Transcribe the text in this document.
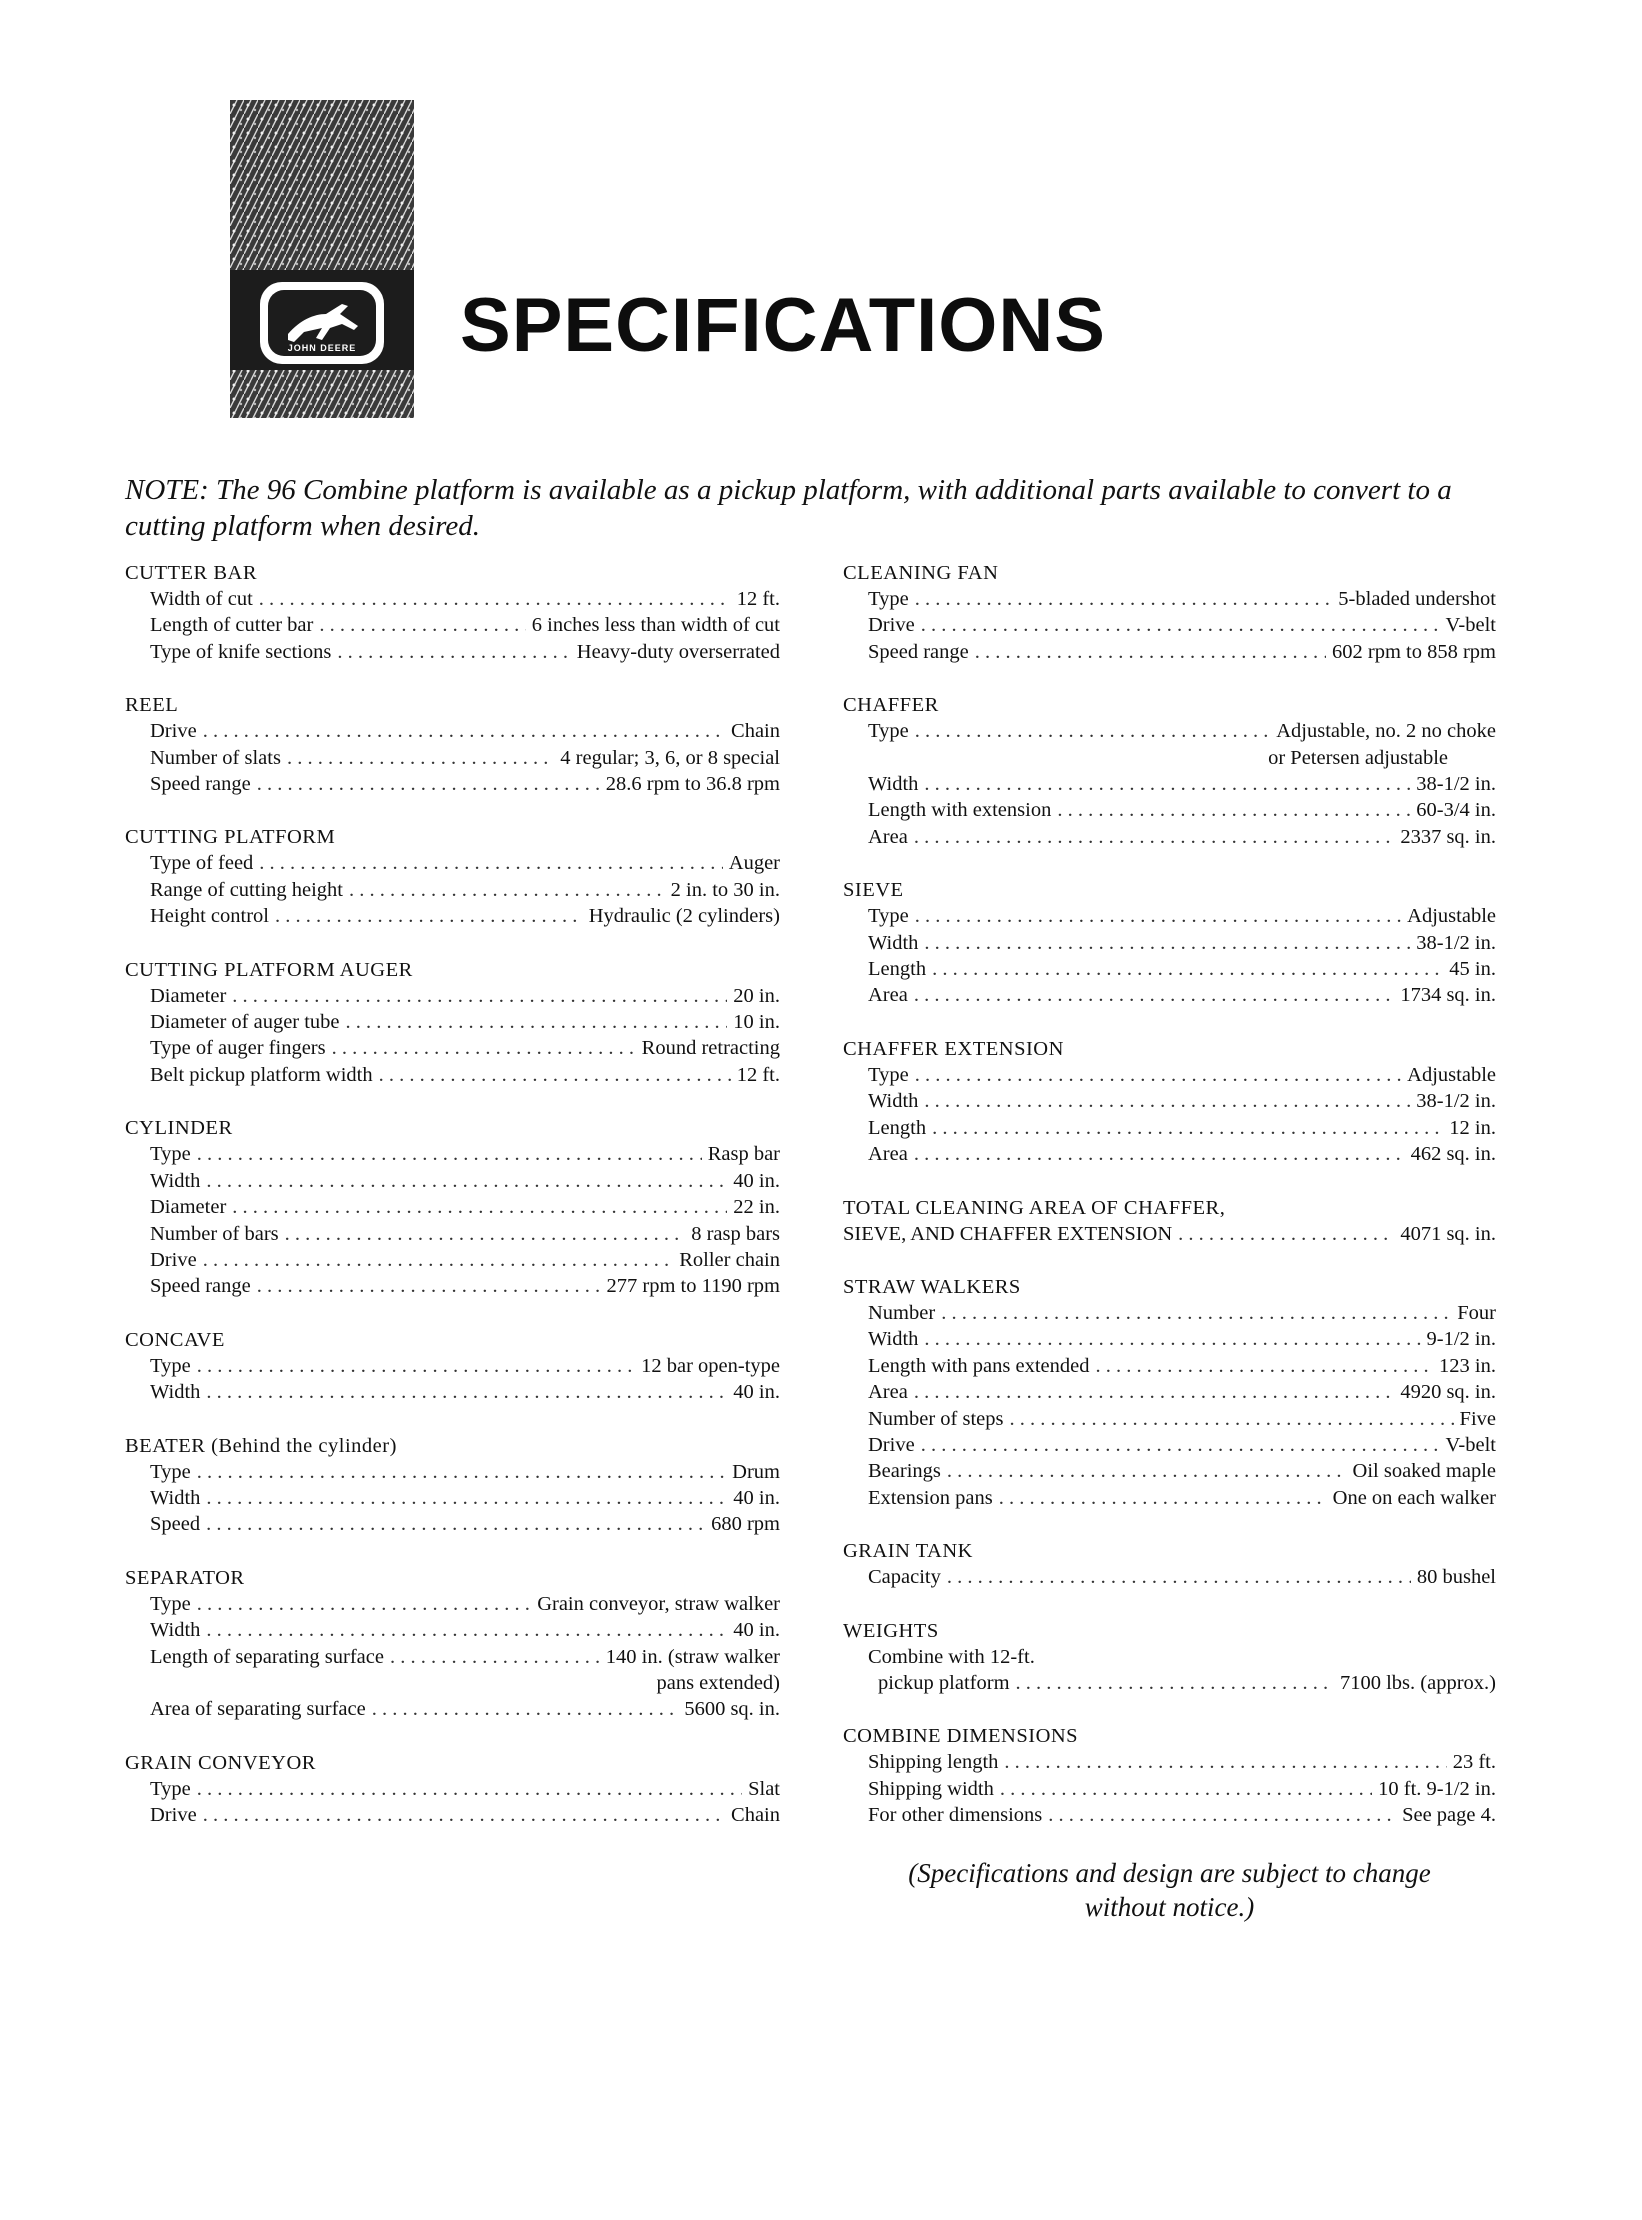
JOHN DEERE SPECIFICATIONS

NOTE: The 96 Combine platform is available as a pickup platform, with additional parts available to convert to a cutting platform when desired.

CUTTER BAR
Width of cut . . .	12 ft.
Length of cutter bar . . .	6 inches less than width of cut
Type of knife sections . . .	Heavy-duty overserrated
REEL
Drive . . .	Chain
Number of slats . . .	4 regular; 3, 6, or 8 special
Speed range . . .	28.6 rpm to 36.8 rpm
CUTTING PLATFORM
Type of feed . . .	Auger
Range of cutting height . . .	2 in. to 30 in.
Height control . . .	Hydraulic (2 cylinders)
CUTTING PLATFORM AUGER
Diameter . . .	20 in.
Diameter of auger tube . . .	10 in.
Type of auger fingers . . .	Round retracting
Belt pickup platform width . . .	12 ft.
CYLINDER
Type . . .	Rasp bar
Width . . .	40 in.
Diameter . . .	22 in.
Number of bars . . .	8 rasp bars
Drive . . .	Roller chain
Speed range . . .	277 rpm to 1190 rpm
CONCAVE
Type . . .	12 bar open-type
Width . . .	40 in.
BEATER (Behind the cylinder)
Type . . .	Drum
Width . . .	40 in.
Speed . . .	680 rpm
SEPARATOR
Type . . .	Grain conveyor, straw walker
Width . . .	40 in.
Length of separating surface . . .	140 in. (straw walker
pans extended)
Area of separating surface . . .	5600 sq. in.
GRAIN CONVEYOR
Type . . .	Slat
Drive . . .	Chain
CLEANING FAN
Type . . .	5-bladed undershot
Drive . . .	V-belt
Speed range . . .	602 rpm to 858 rpm
CHAFFER
Type . . .	Adjustable, no. 2 no choke
or Petersen adjustable
Width . . .	38-1/2 in.
Length with extension . . .	60-3/4 in.
Area . . .	2337 sq. in.
SIEVE
Type . . .	Adjustable
Width . . .	38-1/2 in.
Length . . .	45 in.
Area . . .	1734 sq. in.
CHAFFER EXTENSION
Type . . .	Adjustable
Width . . .	38-1/2 in.
Length . . .	12 in.
Area . . .	462 sq. in.
TOTAL CLEANING AREA OF CHAFFER,
SIEVE, AND CHAFFER EXTENSION . . .	4071 sq. in.
STRAW WALKERS
Number . . .	Four
Width . . .	9-1/2 in.
Length with pans extended . . .	123 in.
Area . . .	4920 sq. in.
Number of steps . . .	Five
Drive . . .	V-belt
Bearings . . .	Oil soaked maple
Extension pans . . .	One on each walker
GRAIN TANK
Capacity . . .	80 bushel
WEIGHTS
Combine with 12-ft.
pickup platform . . .	7100 lbs. (approx.)
COMBINE DIMENSIONS
Shipping length . . .	23 ft.
Shipping width . . .	10 ft. 9-1/2 in.
For other dimensions . . .	See page 4.

(Specifications and design are subject to change
without notice.)
